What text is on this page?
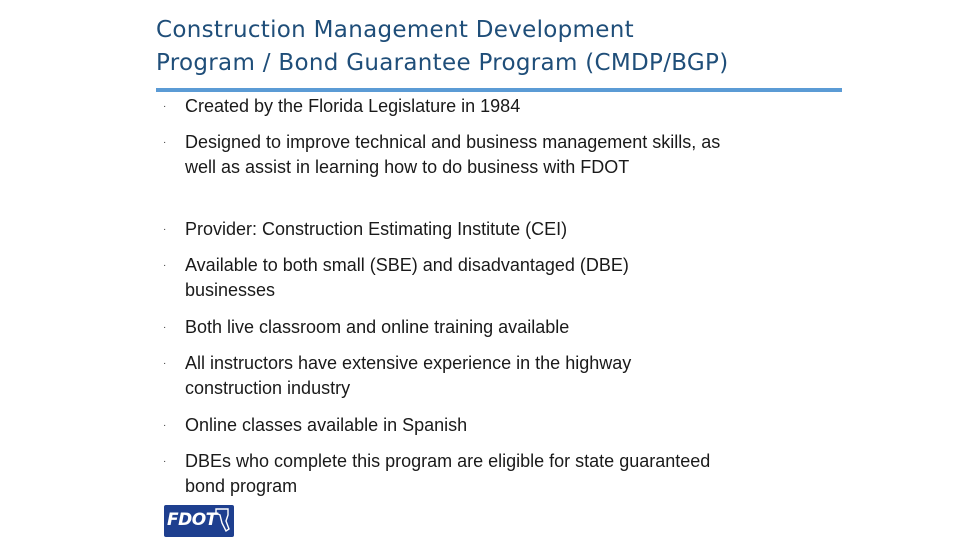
Construction Management Development
Program / Bond Guarantee Program (CMDP/BGP)
·	Created by the Florida Legislature in 1984
·	Designed to improve technical and business management skills, as well as assist in learning how to do business with FDOT
·	Provider: Construction Estimating Institute (CEI)
·	Available to both small (SBE) and disadvantaged (DBE) businesses
·	Both live classroom and online training available
·	All instructors have extensive experience in the highway construction industry
·	Online classes available in Spanish
·	DBEs who complete this program are eligible for state guaranteed bond program
FDOT
